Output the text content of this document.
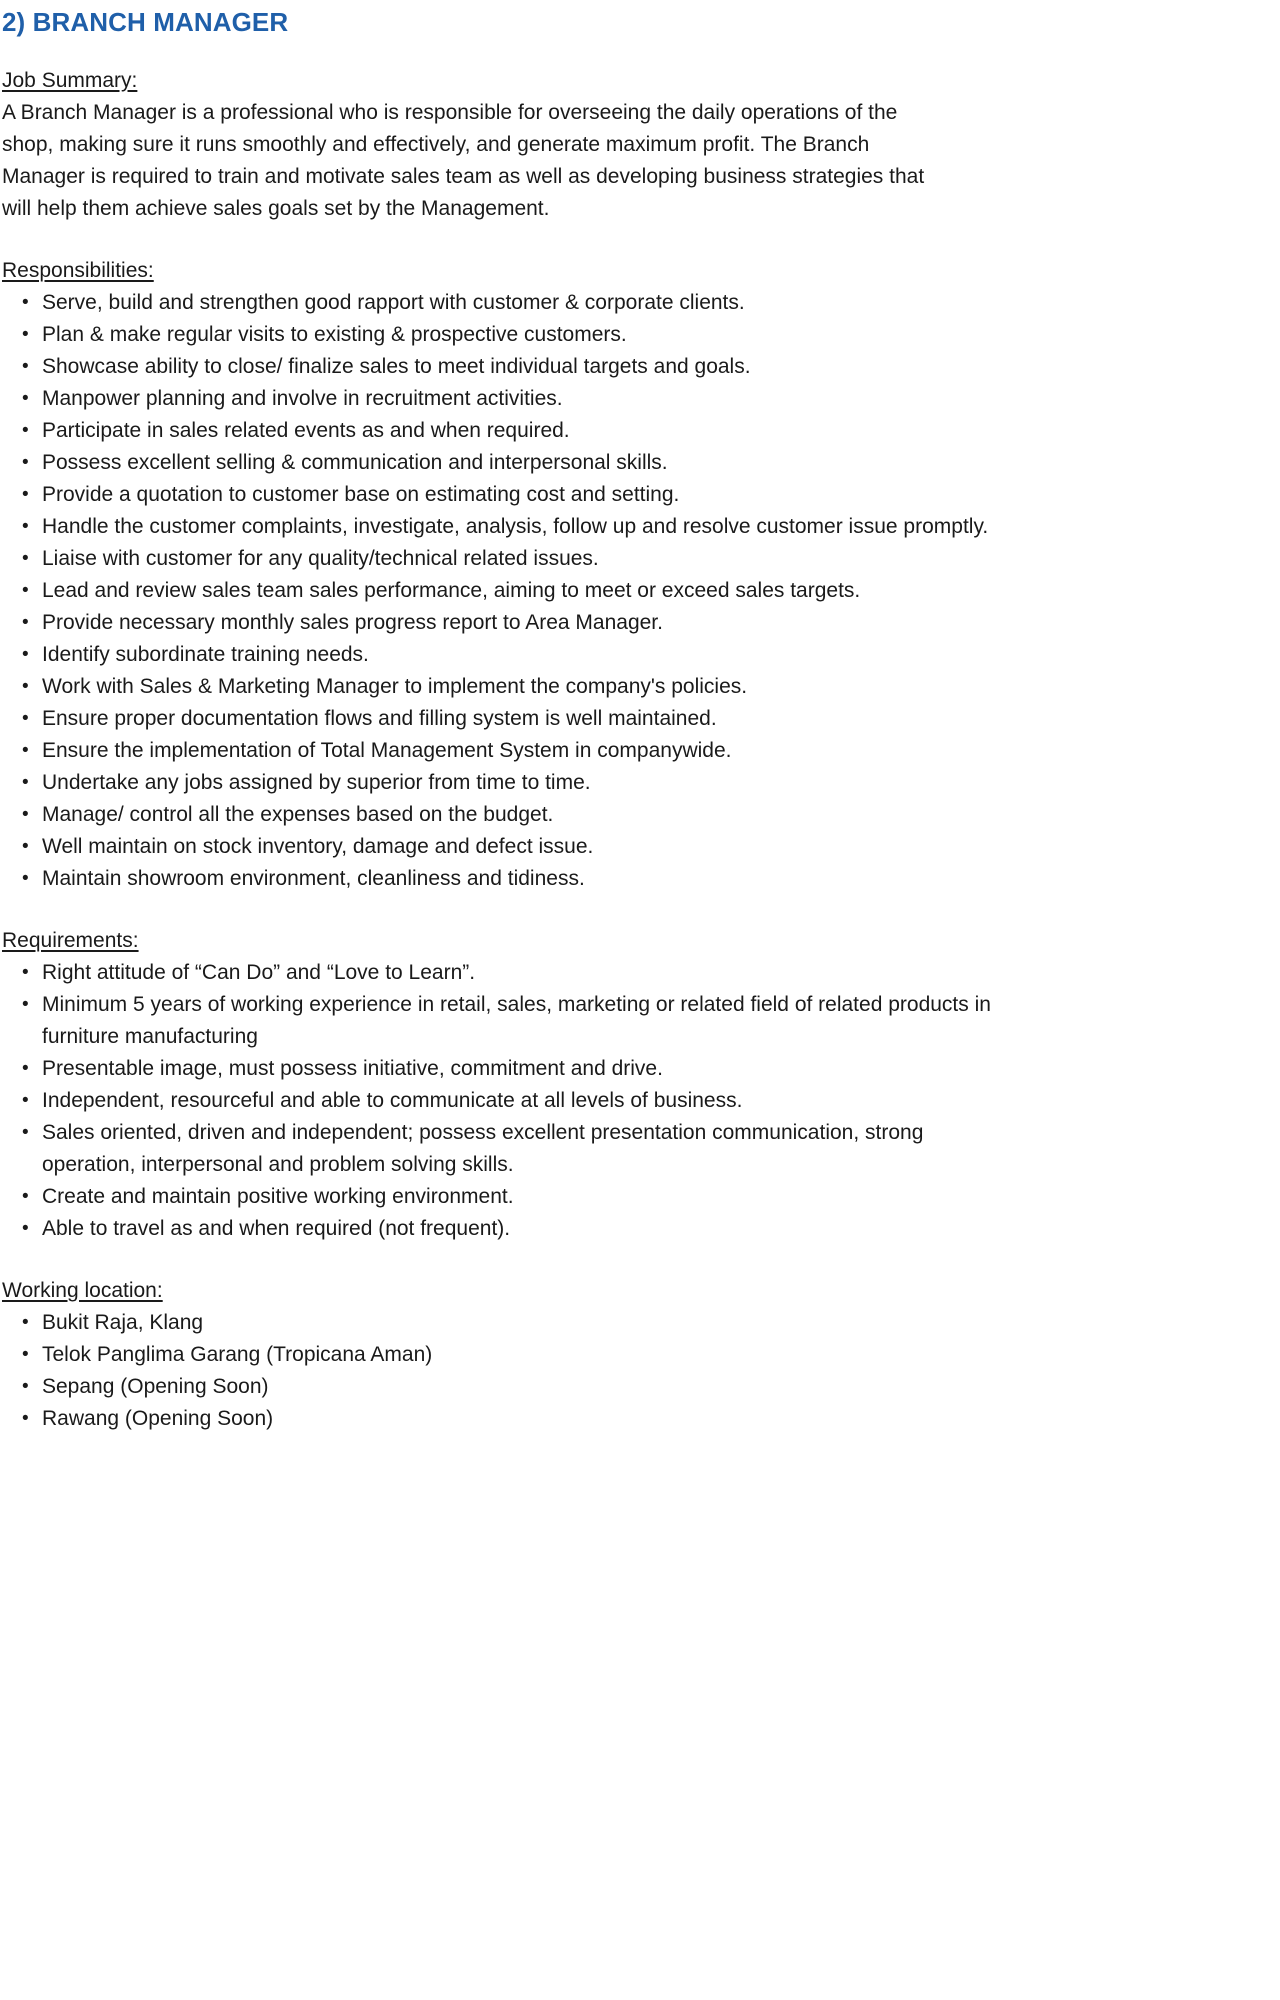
2) BRANCH MANAGER
Job Summary:

A Branch Manager is a professional who is responsible for overseeing the daily operations of the shop, making sure it runs smoothly and effectively, and generate maximum profit. The Branch Manager is required to train and motivate sales team as well as developing business strategies that will help them achieve sales goals set by the Management.

Responsibilities:
• Serve, build and strengthen good rapport with customer & corporate clients.
• Plan & make regular visits to existing & prospective customers.
• Showcase ability to close/ finalize sales to meet individual targets and goals.
• Manpower planning and involve in recruitment activities.
• Participate in sales related events as and when required.
• Possess excellent selling & communication and interpersonal skills.
• Provide a quotation to customer base on estimating cost and setting.
• Handle the customer complaints, investigate, analysis, follow up and resolve customer issue promptly.
• Liaise with customer for any quality/technical related issues.
• Lead and review sales team sales performance, aiming to meet or exceed sales targets.
• Provide necessary monthly sales progress report to Area Manager.
• Identify subordinate training needs.
• Work with Sales & Marketing Manager to implement the company's policies.
• Ensure proper documentation flows and filling system is well maintained.
• Ensure the implementation of Total Management System in companywide.
• Undertake any jobs assigned by superior from time to time.
• Manage/ control all the expenses based on the budget.
• Well maintain on stock inventory, damage and defect issue.
• Maintain showroom environment, cleanliness and tidiness.
Requirements:
• Right attitude of “Can Do” and “Love to Learn”.
• Minimum 5 years of working experience in retail, sales, marketing or related field of related products in furniture manufacturing
• Presentable image, must possess initiative, commitment and drive.
• Independent, resourceful and able to communicate at all levels of business.
• Sales oriented, driven and independent; possess excellent presentation communication, strong operation, interpersonal and problem solving skills.
• Create and maintain positive working environment.
• Able to travel as and when required (not frequent).
Working location:
• Bukit Raja, Klang
• Telok Panglima Garang (Tropicana Aman)
• Sepang (Opening Soon)
• Rawang (Opening Soon)
